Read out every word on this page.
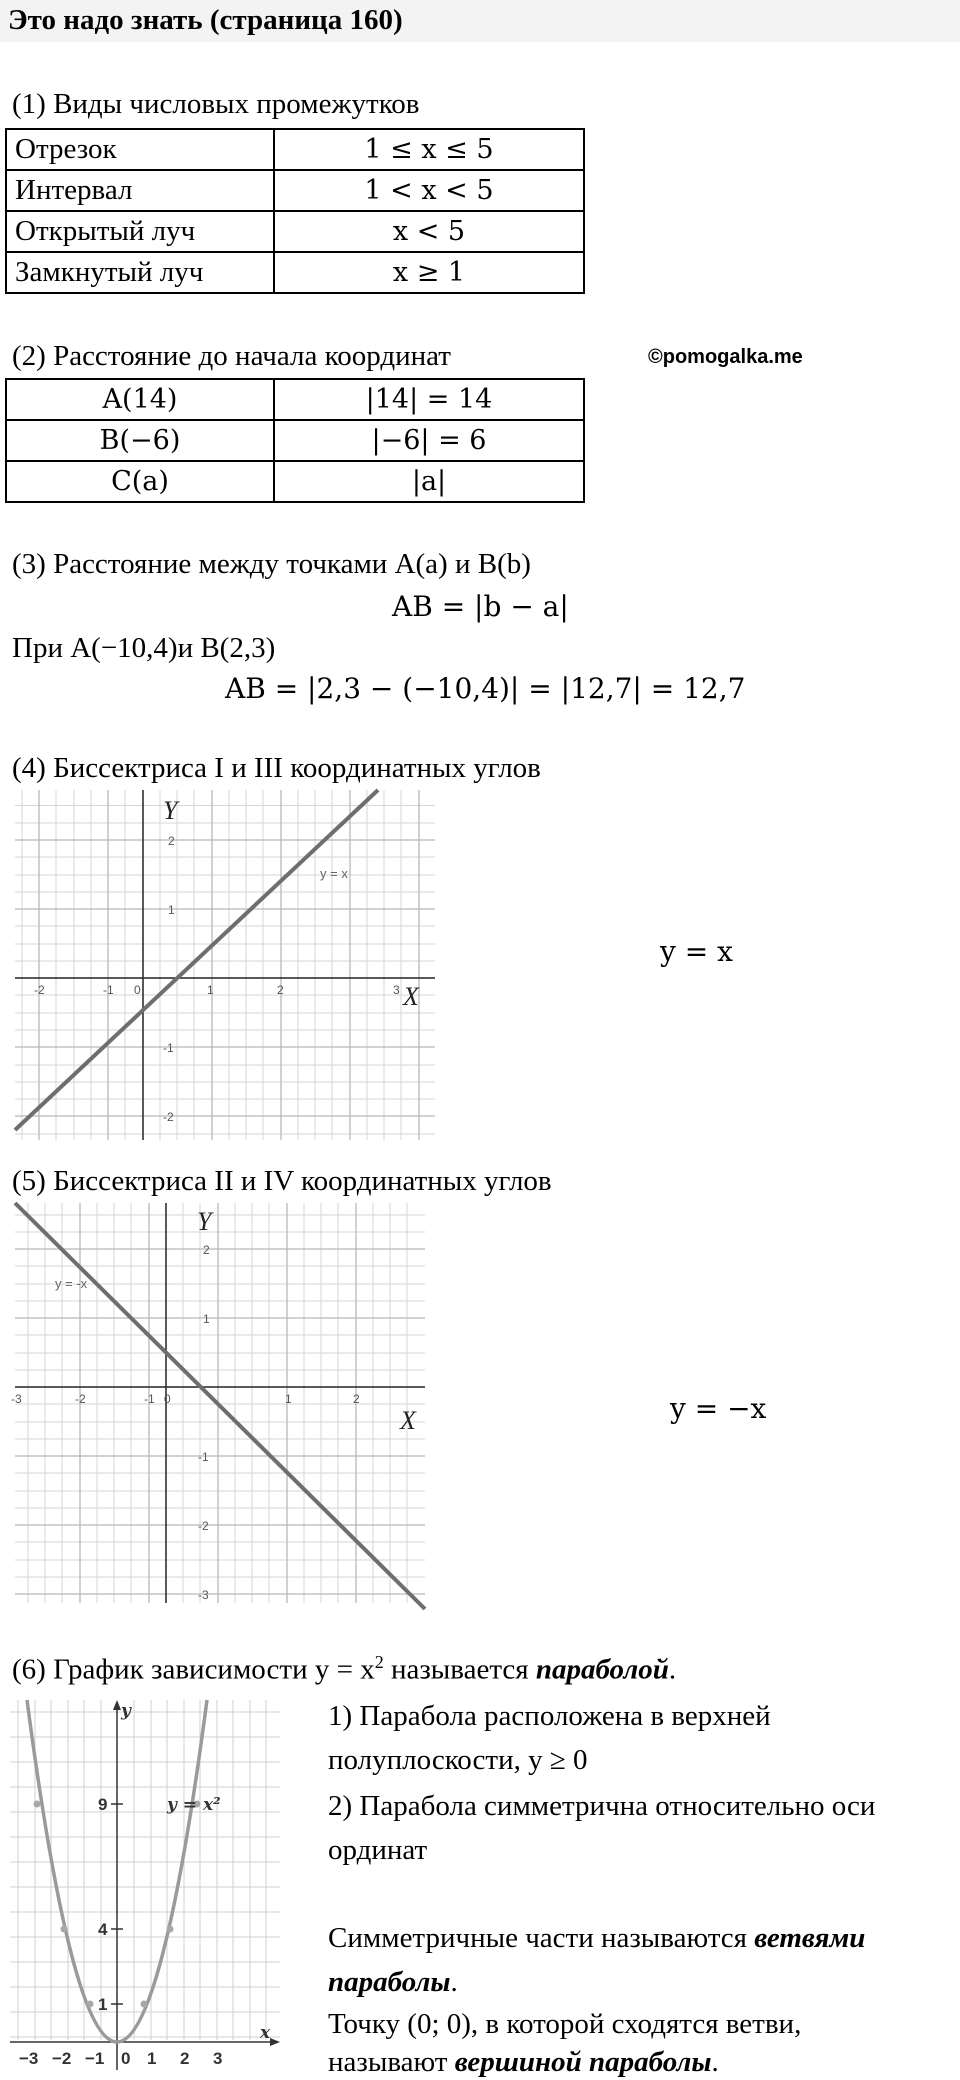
Это надо знать (страница 160)
(1) Виды числовых промежутков
Отрезок	1 ≤ x ≤ 5
Интервал	1 < x < 5
Открытый луч	x < 5
Замкнутый луч	x ≥ 1
(2) Расстояние до начала координат	©pomogalka.me
A(14)	|14| = 14
B(−6)	|−6| = 6
C(a)	|a|
(3) Расстояние между точками A(a) и B(b)
AB = |b − a|
При A(−10,4)и B(2,3)
AB = |2,3 − (−10,4)| = |12,7| = 12,7
(4) Биссектриса I и III координатных углов
-2	-1 0	1	2	3
2
1
-1
-2
y = x
Y
X
y = x
(5) Биссектриса II и IV координатных углов
-3	-2	-1 0	1	2
2
1
-1
-2
-3
y = -x
Y
X	y = −x
(6) График зависимости $y = x^2$ называется параболой.
9
4
1
−3 −2 −1 0 1 2 3
y = x²
y
x
1) Парабола расположена в верхней
полуплоскости, y ≥ 0
2) Парабола симметрична относительно оси
ординат
Симметричные части называются ветвями
параболы.
Точку (0; 0), в которой сходятся ветви,
называют вершиной параболы.
